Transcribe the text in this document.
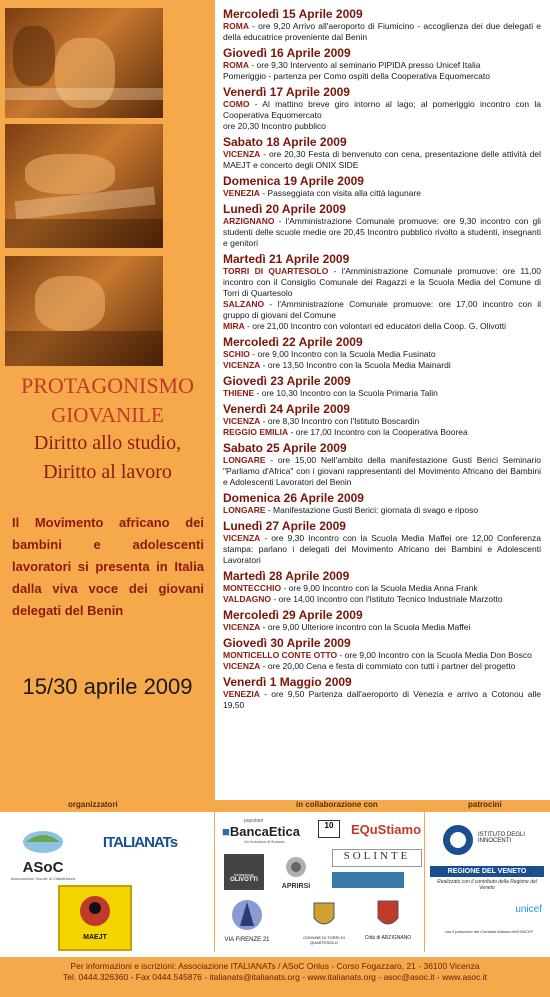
PROTAGONISMO
GIOVANILE
Diritto allo studio,
Diritto al lavoro
Il Movimento africano dei bambini e adolescenti lavoratori si presenta in Italia dalla viva voce dei giovani delegati del Benin
15/30 aprile 2009
Mercoledì 15 Aprile 2009
ROMA - ore 9,20 Arrivo all'aeroporto di Fiumicino - accoglienza dei due delegati e della educatrice proveniente dal Benin
Giovedì 16 Aprile 2009
ROMA - ore 9,30 Intervento al seminario PIPIDA presso Unicef Italia
Pomeriggio - partenza per Como ospiti della Cooperativa Equomercato
Venerdì 17 Aprile 2009
COMO - Al mattino breve giro intorno al lago; al pomeriggio incontro con la Cooperativa Equomercato
ore 20,30 Incontro pubblico
Sabato 18 Aprile 2009
VICENZA - ore 20,30 Festa di benvenuto con cena, presentazione delle attività del MAEJT e concerto degli ONIX SIDE
Domenica 19 Aprile 2009
VENEZIA - Passeggiata con visita alla città lagunare
Lunedì 20 Aprile 2009
ARZIGNANO - l'Amministrazione Comunale promuove: ore 9,30 incontro con gli studenti delle scuole medie ore 20,45 Incontro pubblico rivolto a studenti, insegnanti e genitori
Martedì 21 Aprile 2009
TORRI DI QUARTESOLO - l'Amministrazione Comunale promuove: ore 11,00 incontro con il Consiglio Comunale dei Ragazzi e la Scuola Media del Comune di Torri di Quartesolo
SALZANO - l'Amministrazione Comunale promuove: ore 17,00 incontro con il gruppo di giovani del Comune
MIRA - ore 21,00 Incontro con volontari ed educatori della Coop. G. Olivotti
Mercoledì 22 Aprile 2009
SCHIO - ore 9,00 Incontro con la Scuola Media Fusinato
VICENZA - ore 13,50 Incontro con la Scuola Media Mainardi
Giovedì 23 Aprile 2009
THIENE - ore 10,30 Incontro con la Scuola Primaria Talin
Venerdì 24 Aprile 2009
VICENZA - ore 8,30 Incontro con l'Istituto Boscardin
REGGIO EMILIA - ore 17,00 Incontro con la Cooperativa Boorea
Sabato 25 Aprile 2009
LONGARE - ore 15,00 Nell'ambito della manifestazione Gusti Berici Seminario "Parliamo d'Africa" con i giovani rappresentanti del Movimento Africano dei Bambini e Adolescenti Lavoratori del Benin
Domenica 26 Aprile 2009
LONGARE - Manifestazione Gusti Berici: giornata di svago e riposo
Lunedì 27 Aprile 2009
VICENZA - ore 9,30 Incontro con la Scuola Media Maffei ore 12,00 Conferenza stampa: parlano i delegati del Movimento Africano dei Bambini e Adolescenti Lavoratori
Martedì 28 Aprile 2009
MONTECCHIO - ore 9,00 Incontro con la Scuola Media Anna Frank
VALDAGNO - ore 14,00 Incontro con l'Istituto Tecnico Industriale Marzotto
Mercoledì 29 Aprile 2009
VICENZA - ore 9,00 Ulteriore incontro con la Scuola Media Maffei
Giovedì 30 Aprile 2009
MONTICELLO CONTE OTTO - ore 9,00 Incontro con la Scuola Media Don Bosco
VICENZA - ore 20,00 Cena e festa di commiato con tutti i partner del progetto
Venerdì 1 Maggio 2009
VENEZIA - ore 9,50 Partenza dall'aeroporto di Venezia e arrivo a Cotonou alle 19,50
organizzatori	in collaborazione con	patrocini
ASoC
Associazione Scuole di Cittadinanza
ITALIANATs
MAEJT
popolare
■BancaEtica
Un business di finanza
10	EQuStiamo
fondazione
OLIVOTTI
APRIRSI
SOLINTE
VIA FIRENZE 21	COMUNE DI TORRI DI QUARTESOLO
Città di ARZIGNANO
ISTITUTO DEGLI INNOCENTI
REGIONE DEL VENETO
Realizzato con il contributo della Regione del Veneto
unicef
con il patrocinio del Comitato Italiano dell'UNICEF
Per informazioni e iscrizioni: Associazione ITALIANATs / ASoC Onlus - Corso Fogazzaro, 21 - 36100 Vicenza
Tel. 0444.326360 - Fax 0444.545876 - italianats@italianats.org - www.italianats.org - asoc@asoc.it - www.asoc.it
